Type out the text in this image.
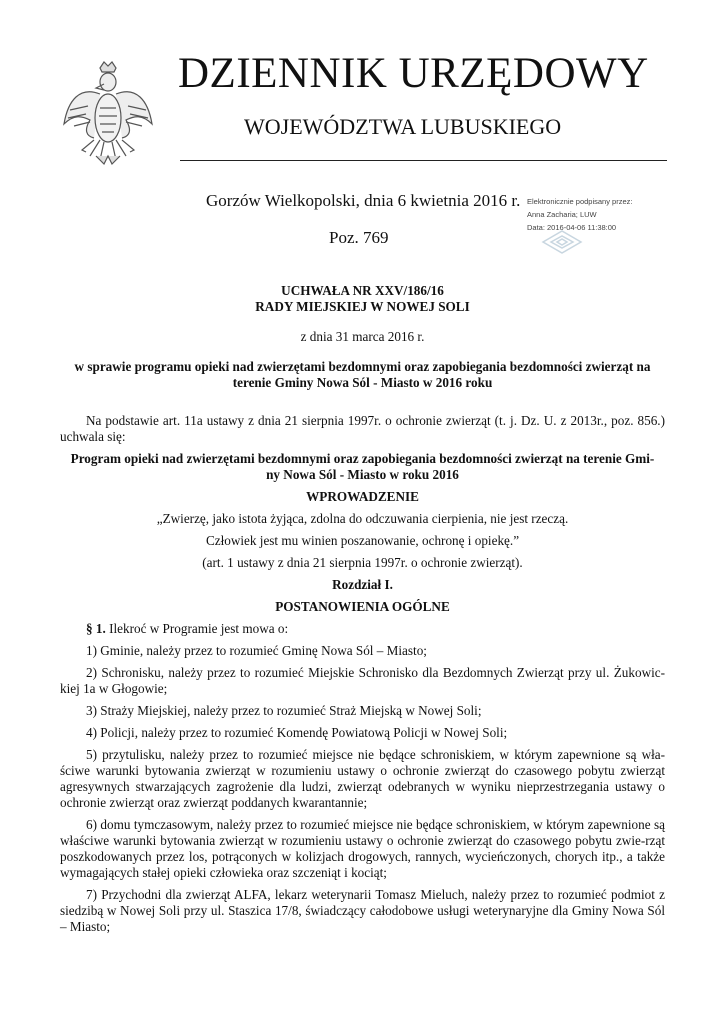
DZIENNIK URZĘDOWY
WOJEWÓDZTWA LUBUSKIEGO
Gorzów Wielkopolski, dnia 6 kwietnia 2016 r.
Poz. 769
Elektronicznie podpisany przez:
Anna Zacharia; LUW
Data: 2016-04-06 11:38:00

UCHWAŁA NR XXV/186/16

RADY MIEJSKIEJ W NOWEJ SOLI

z dnia 31 marca 2016 r.

w sprawie programu opieki nad zwierzętami bezdomnymi oraz zapobiegania bezdomności zwierząt na

terenie Gminy Nowa Sól - Miasto w 2016 roku

Na podstawie art. 11a ustawy z dnia 21 sierpnia 1997r. o ochronie zwierząt (t. j. Dz. U. z 2013r., poz. 856.) uchwala się:

Program opieki nad zwierzętami bezdomnymi oraz zapobiegania bezdomności zwierząt na terenie Gmi-

ny Nowa Sól - Miasto w roku 2016

WPROWADZENIE

„Zwierzę, jako istota żyjąca, zdolna do odczuwania cierpienia, nie jest rzeczą.

Człowiek jest mu winien poszanowanie, ochronę i opiekę.”

(art. 1 ustawy z dnia 21 sierpnia 1997r. o ochronie zwierząt).

Rozdział I.

POSTANOWIENIA OGÓLNE

§ 1. Ilekroć w Programie jest mowa o:

1) Gminie, należy przez to rozumieć Gminę Nowa Sól – Miasto;

2) Schronisku, należy przez to rozumieć Miejskie Schronisko dla Bezdomnych Zwierząt przy ul. Żukowic-kiej 1a w Głogowie;

3) Straży Miejskiej, należy przez to rozumieć Straż Miejską w Nowej Soli;

4) Policji, należy przez to rozumieć Komendę Powiatową Policji w Nowej Soli;

5) przytulisku, należy przez to rozumieć miejsce nie będące schroniskiem, w którym zapewnione są wła-ściwe warunki bytowania zwierząt w rozumieniu ustawy o ochronie zwierząt do czasowego pobytu zwierząt agresywnych stwarzających zagrożenie dla ludzi, zwierząt odebranych w wyniku nieprzestrzegania ustawy o ochronie zwierząt oraz zwierząt poddanych kwarantannie;

6) domu tymczasowym, należy przez to rozumieć miejsce nie będące schroniskiem, w którym zapewnione są właściwe warunki bytowania zwierząt w rozumieniu ustawy o ochronie zwierząt do czasowego pobytu zwie-rząt poszkodowanych przez los, potrąconych w kolizjach drogowych, rannych, wycieńczonych, chorych itp., a także wymagających stałej opieki człowieka oraz szczeniąt i kociąt;

7) Przychodni dla zwierząt ALFA, lekarz weterynarii Tomasz Mieluch, należy przez to rozumieć podmiot z siedzibą w Nowej Soli przy ul. Staszica 17/8, świadczący całodobowe usługi weterynaryjne dla Gminy Nowa Sól – Miasto;
